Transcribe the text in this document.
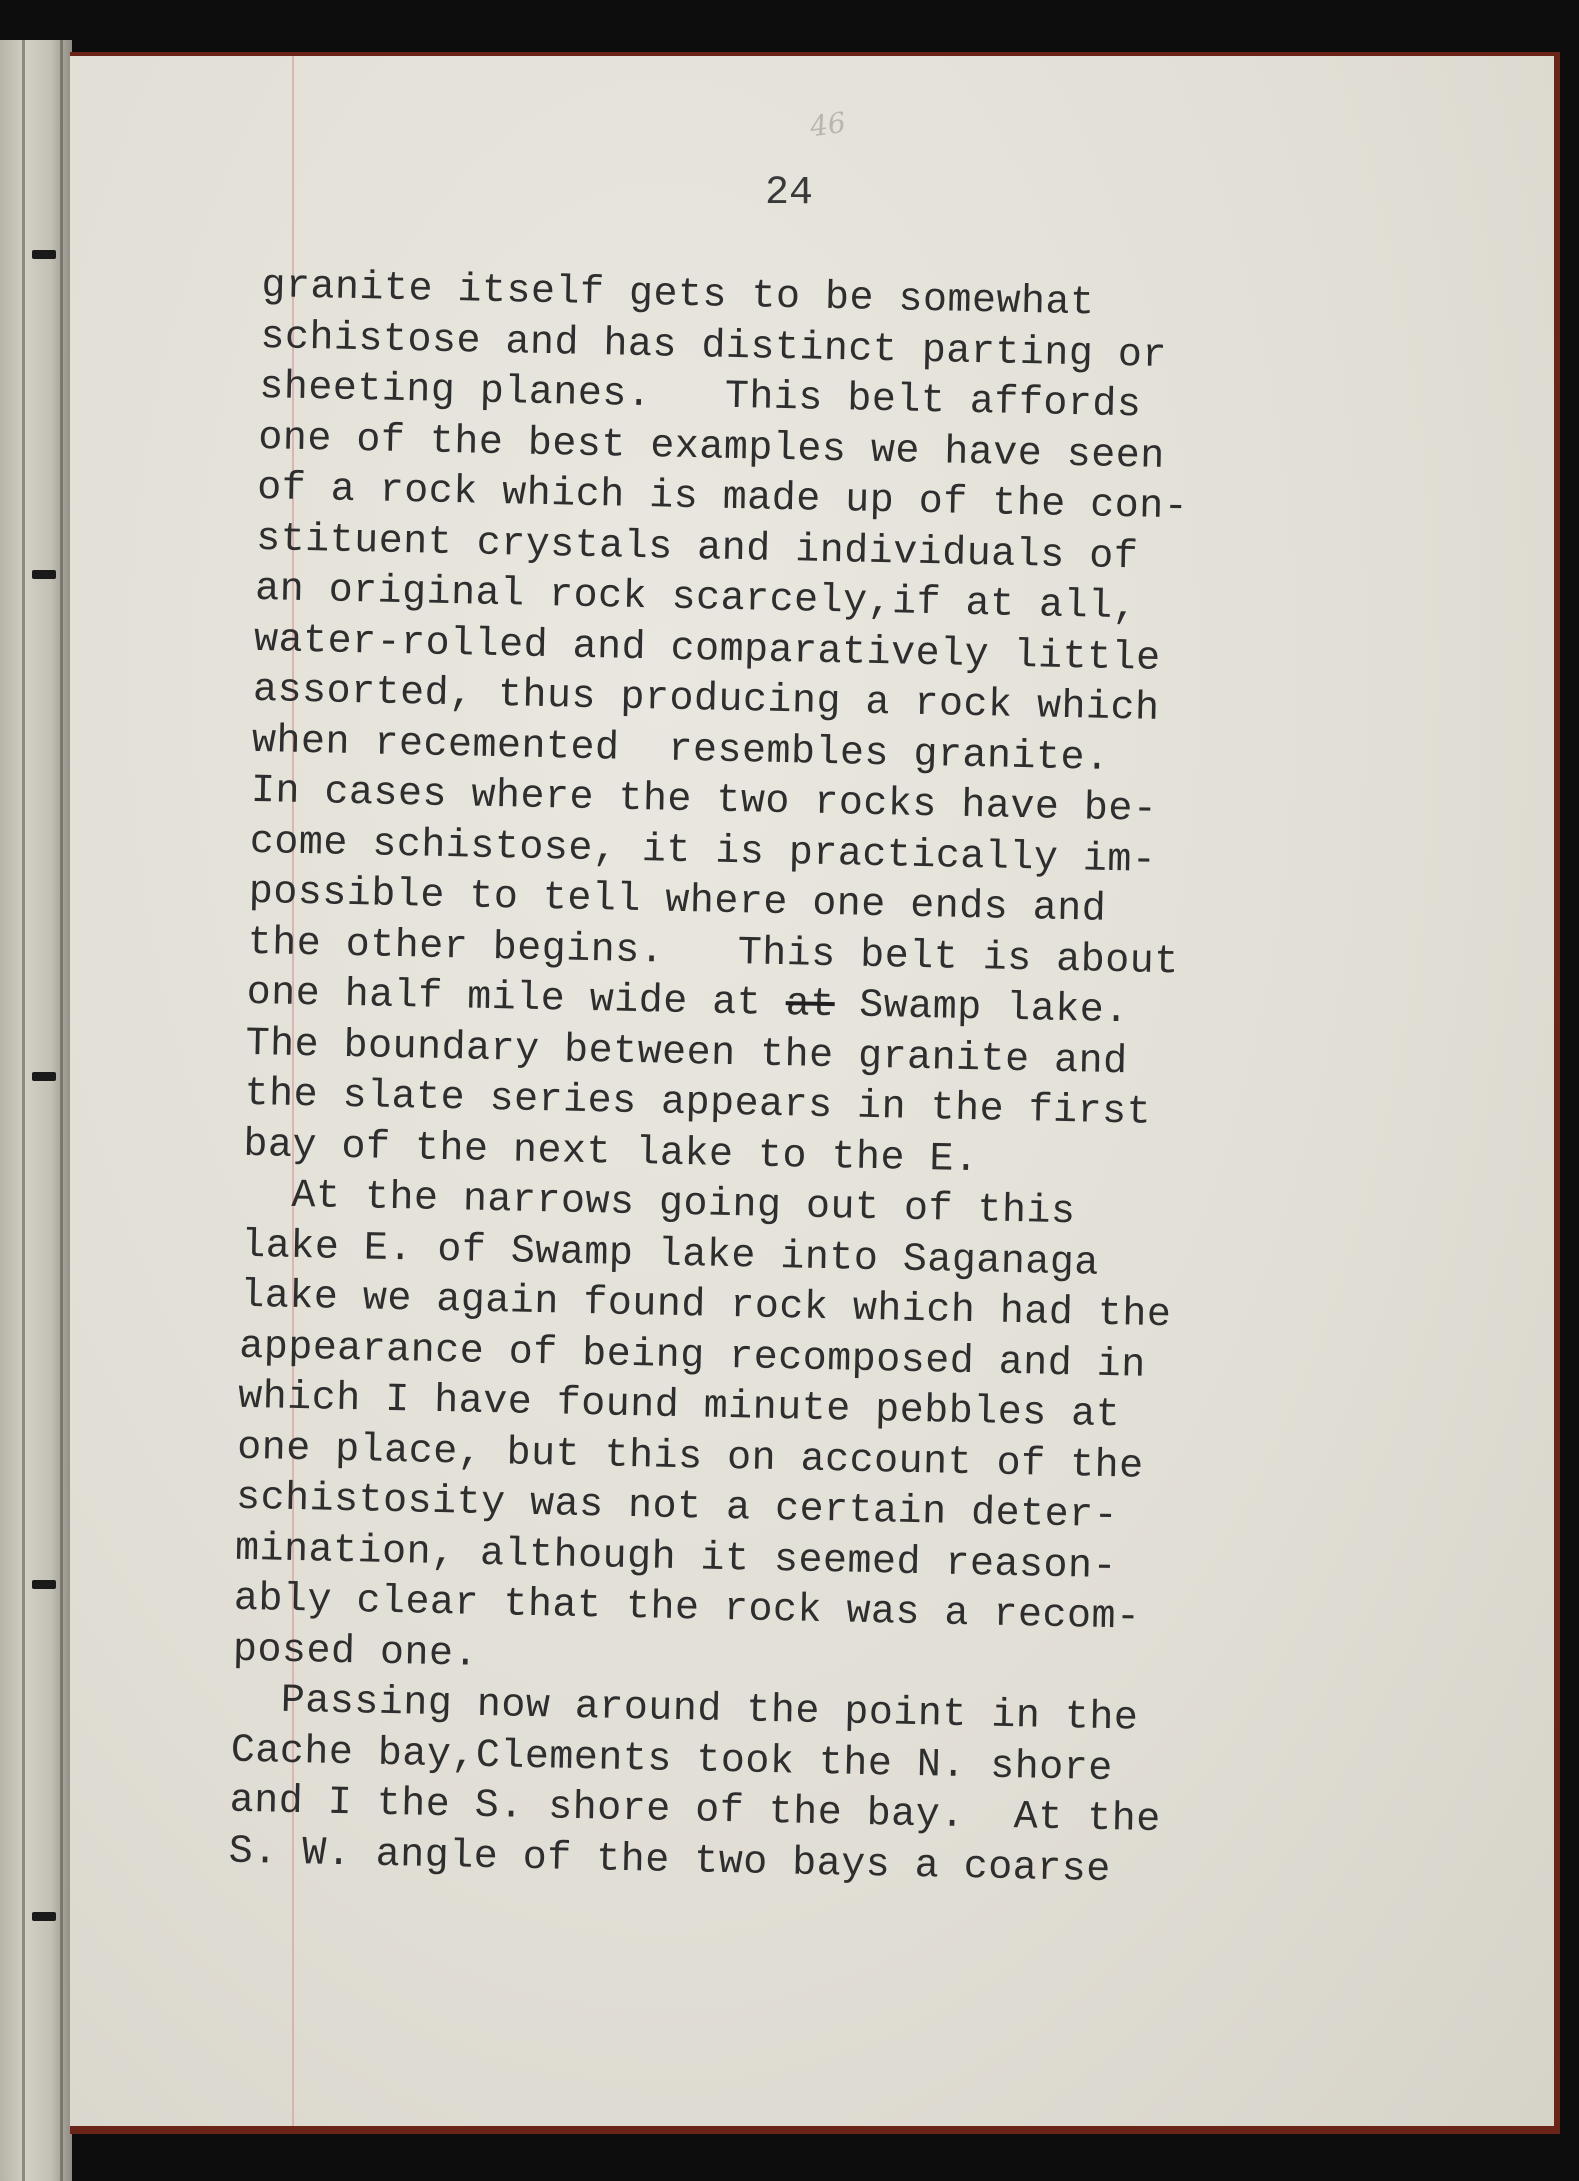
46
24
granite itself gets to be somewhat
schistose and has distinct parting or
sheeting planes.   This belt affords
one of the best examples we have seen
of a rock which is made up of the con-
stituent crystals and individuals of
an original rock scarcely,if at all,
water-rolled and comparatively little
assorted, thus producing a rock which
when recemented  resembles granite.
In cases where the two rocks have be-
come schistose, it is practically im-
possible to tell where one ends and
the other begins.   This belt is about
one half mile wide at at Swamp lake.
The boundary between the granite and
the slate series appears in the first
bay of the next lake to the E.
At the narrows going out of this
lake E. of Swamp lake into Saganaga
lake we again found rock which had the
appearance of being recomposed and in
which I have found minute pebbles at
one place, but this on account of the
schistosity was not a certain deter-
mination, although it seemed reason-
ably clear that the rock was a recom-
posed one.
Passing now around the point in the
Cache bay,Clements took the N. shore
and I the S. shore of the bay.  At the
S. W. angle of the two bays a coarse
